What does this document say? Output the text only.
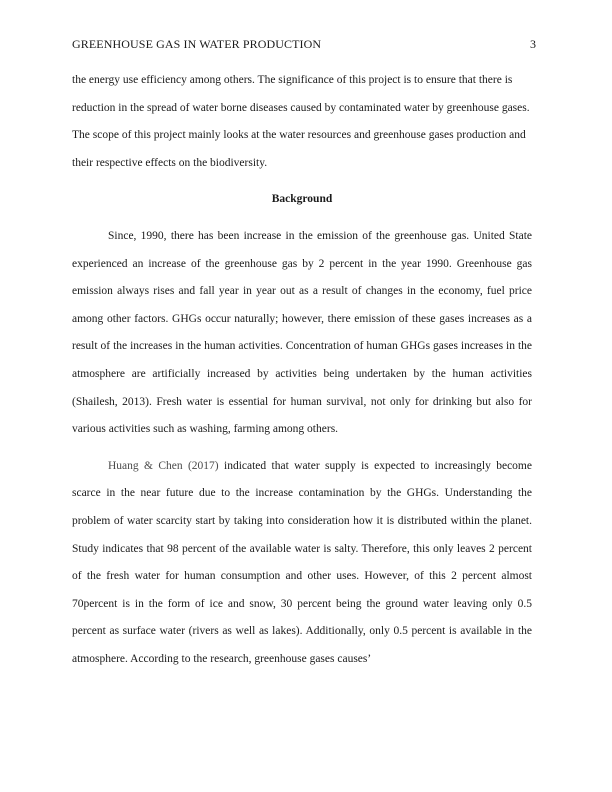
GREENHOUSE GAS IN WATER PRODUCTION	3

the energy use efficiency among others. The significance of this project is to ensure that there is reduction in the spread of water borne diseases caused by contaminated water by greenhouse gases. The scope of this project mainly looks at the water resources and greenhouse gases production and their respective effects on the biodiversity.

Background

Since, 1990, there has been increase in the emission of the greenhouse gas. United State experienced an increase of the greenhouse gas by 2 percent in the year 1990. Greenhouse gas emission always rises and fall year in year out as a result of changes in the economy, fuel price among other factors. GHGs occur naturally; however, there emission of these gases increases as a result of the increases in the human activities. Concentration of human GHGs gases increases in the atmosphere are artificially increased by activities being undertaken by the human activities (Shailesh, 2013). Fresh water is essential for human survival, not only for drinking but also for various activities such as washing, farming among others.

Huang & Chen (2017) indicated that water supply is expected to increasingly become scarce in the near future due to the increase contamination by the GHGs. Understanding the problem of water scarcity start by taking into consideration how it is distributed within the planet. Study indicates that 98 percent of the available water is salty. Therefore, this only leaves 2 percent of the fresh water for human consumption and other uses. However, of this 2 percent almost 70percent is in the form of ice and snow, 30 percent being the ground water leaving only 0.5 percent as surface water (rivers as well as lakes). Additionally, only 0.5 percent is available in the atmosphere. According to the research, greenhouse gases causes’
